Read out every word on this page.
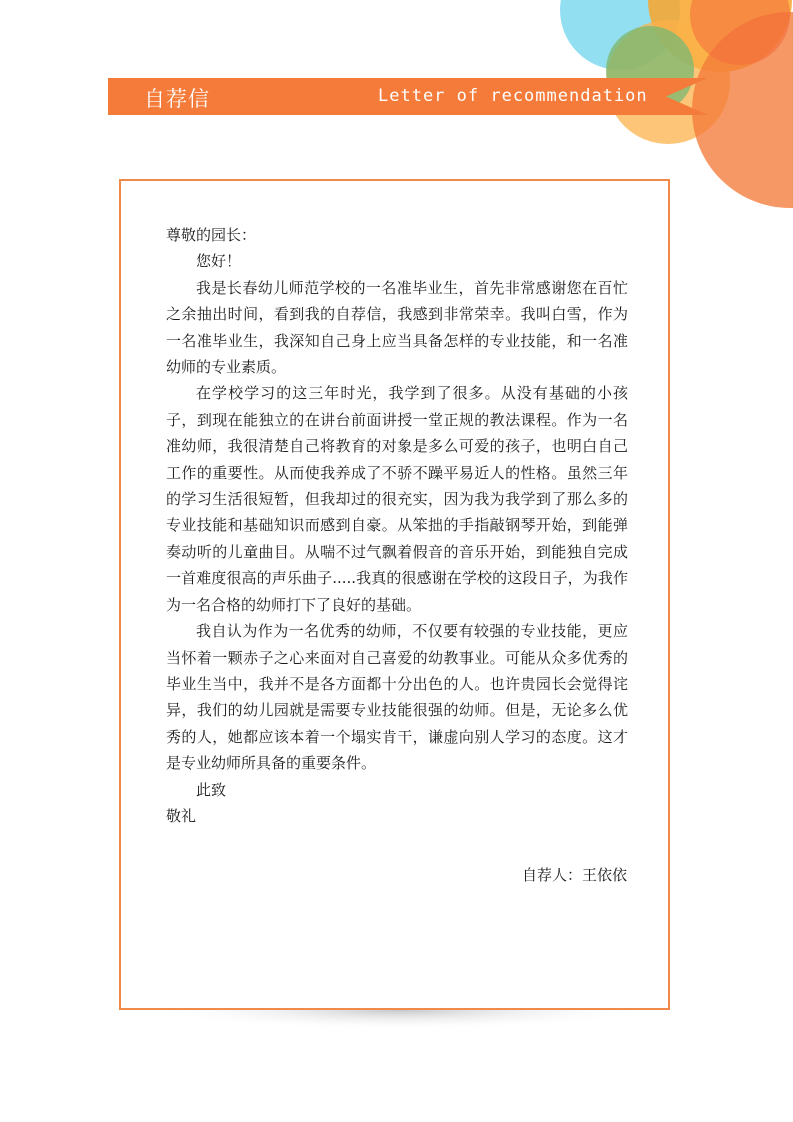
自荐信	Letter of recommendation

尊敬的园长：

您好！

我是长春幼儿师范学校的一名准毕业生，首先非常感谢您在百忙之余抽出时间，看到我的自荐信，我感到非常荣幸。我叫白雪，作为一名准毕业生，我深知自己身上应当具备怎样的专业技能，和一名准幼师的专业素质。

在学校学习的这三年时光，我学到了很多。从没有基础的小孩子，到现在能独立的在讲台前面讲授一堂正规的教法课程。作为一名准幼师，我很清楚自己将教育的对象是多么可爱的孩子，也明白自己工作的重要性。从而使我养成了不骄不躁平易近人的性格。虽然三年的学习生活很短暂，但我却过的很充实，因为我为我学到了那么多的专业技能和基础知识而感到自豪。从笨拙的手指敲钢琴开始，到能弹奏动听的儿童曲目。从喘不过气飘着假音的音乐开始，到能独自完成一首难度很高的声乐曲子.....我真的很感谢在学校的这段日子，为我作为一名合格的幼师打下了良好的基础。

我自认为作为一名优秀的幼师，不仅要有较强的专业技能，更应当怀着一颗赤子之心来面对自己喜爱的幼教事业。可能从众多优秀的毕业生当中，我并不是各方面都十分出色的人。也许贵园长会觉得诧异，我们的幼儿园就是需要专业技能很强的幼师。但是，无论多么优秀的人，她都应该本着一个塌实肯干，谦虚向别人学习的态度。这才是专业幼师所具备的重要条件。

此致

敬礼

自荐人：王依依
